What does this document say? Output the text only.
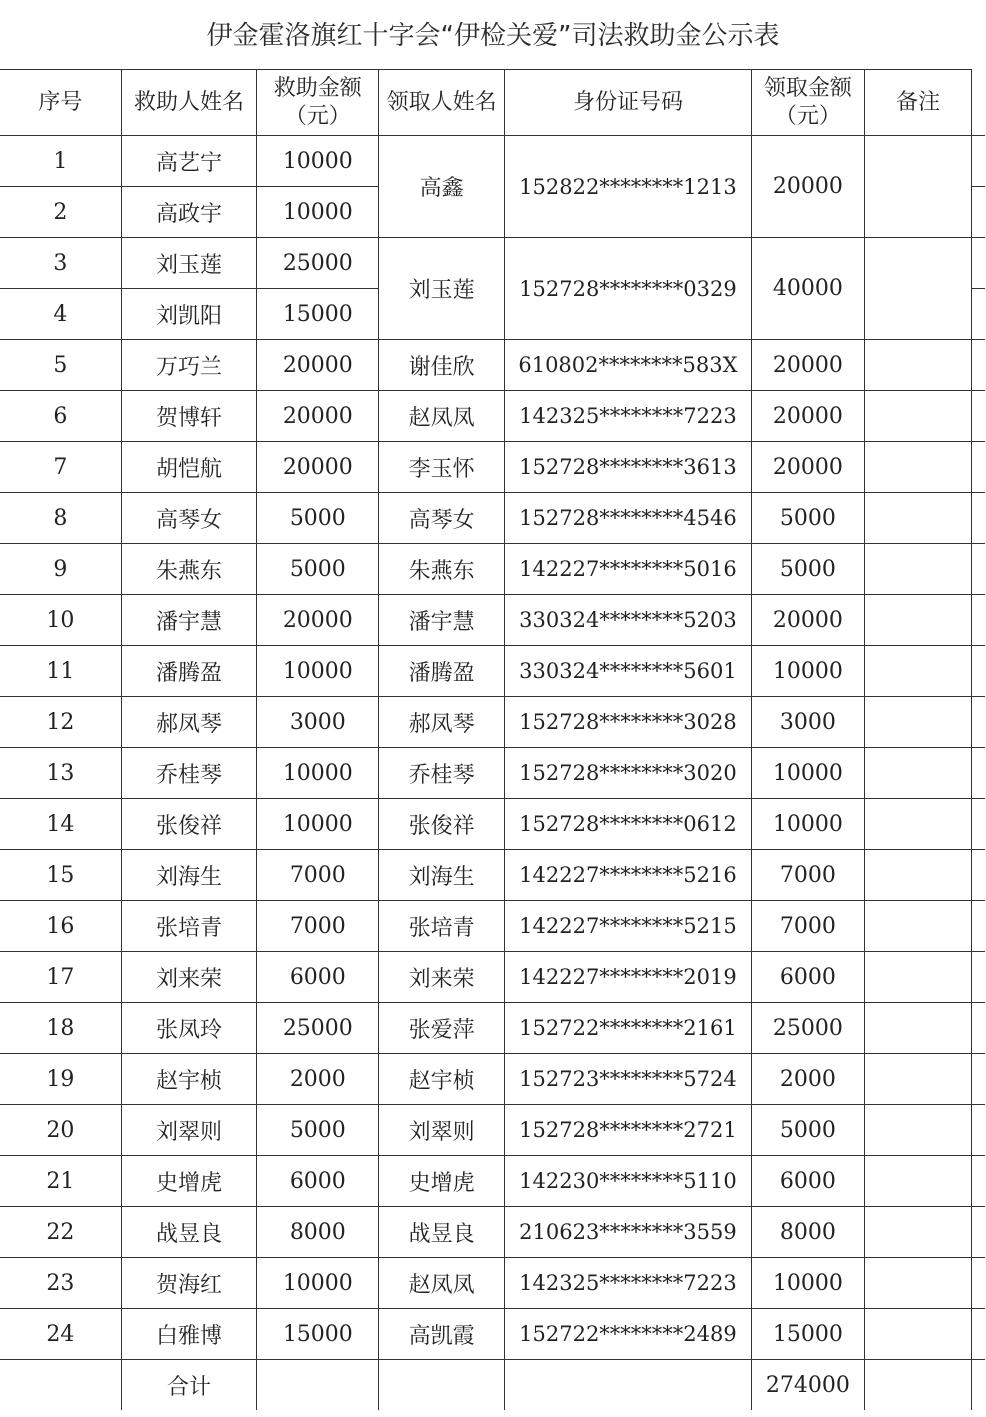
伊金霍洛旗红十字会“伊检关爱”司法救助金公示表
序号	救助人姓名	救助金额（元）	领取人姓名	身份证号码	领取金额（元）	备注	
1	高艺宁	10000	高鑫	152822********1213	20000		
2	高政宇	10000					
3	刘玉莲	25000	刘玉莲	152728********0329	40000		
4	刘凯阳	15000					
5	万巧兰	20000	谢佳欣	610802********583X	20000		
6	贺博轩	20000	赵凤凤	142325********7223	20000		
7	胡恺航	20000	李玉怀	152728********3613	20000		
8	高琴女	5000	高琴女	152728********4546	5000		
9	朱燕东	5000	朱燕东	142227********5016	5000		
10	潘宇慧	20000	潘宇慧	330324********5203	20000		
11	潘腾盈	10000	潘腾盈	330324********5601	10000		
12	郝凤琴	3000	郝凤琴	152728********3028	3000		
13	乔桂琴	10000	乔桂琴	152728********3020	10000		
14	张俊祥	10000	张俊祥	152728********0612	10000		
15	刘海生	7000	刘海生	142227********5216	7000		
16	张培青	7000	张培青	142227********5215	7000		
17	刘来荣	6000	刘来荣	142227********2019	6000		
18	张凤玲	25000	张爱萍	152722********2161	25000		
19	赵宇桢	2000	赵宇桢	152723********5724	2000		
20	刘翠则	5000	刘翠则	152728********2721	5000		
21	史增虎	6000	史增虎	142230********5110	6000		
22	战昱良	8000	战昱良	210623********3559	8000		
23	贺海红	10000	赵凤凤	142325********7223	10000		
24	白雅博	15000	高凯霞	152722********2489	15000		
	合计				274000		
